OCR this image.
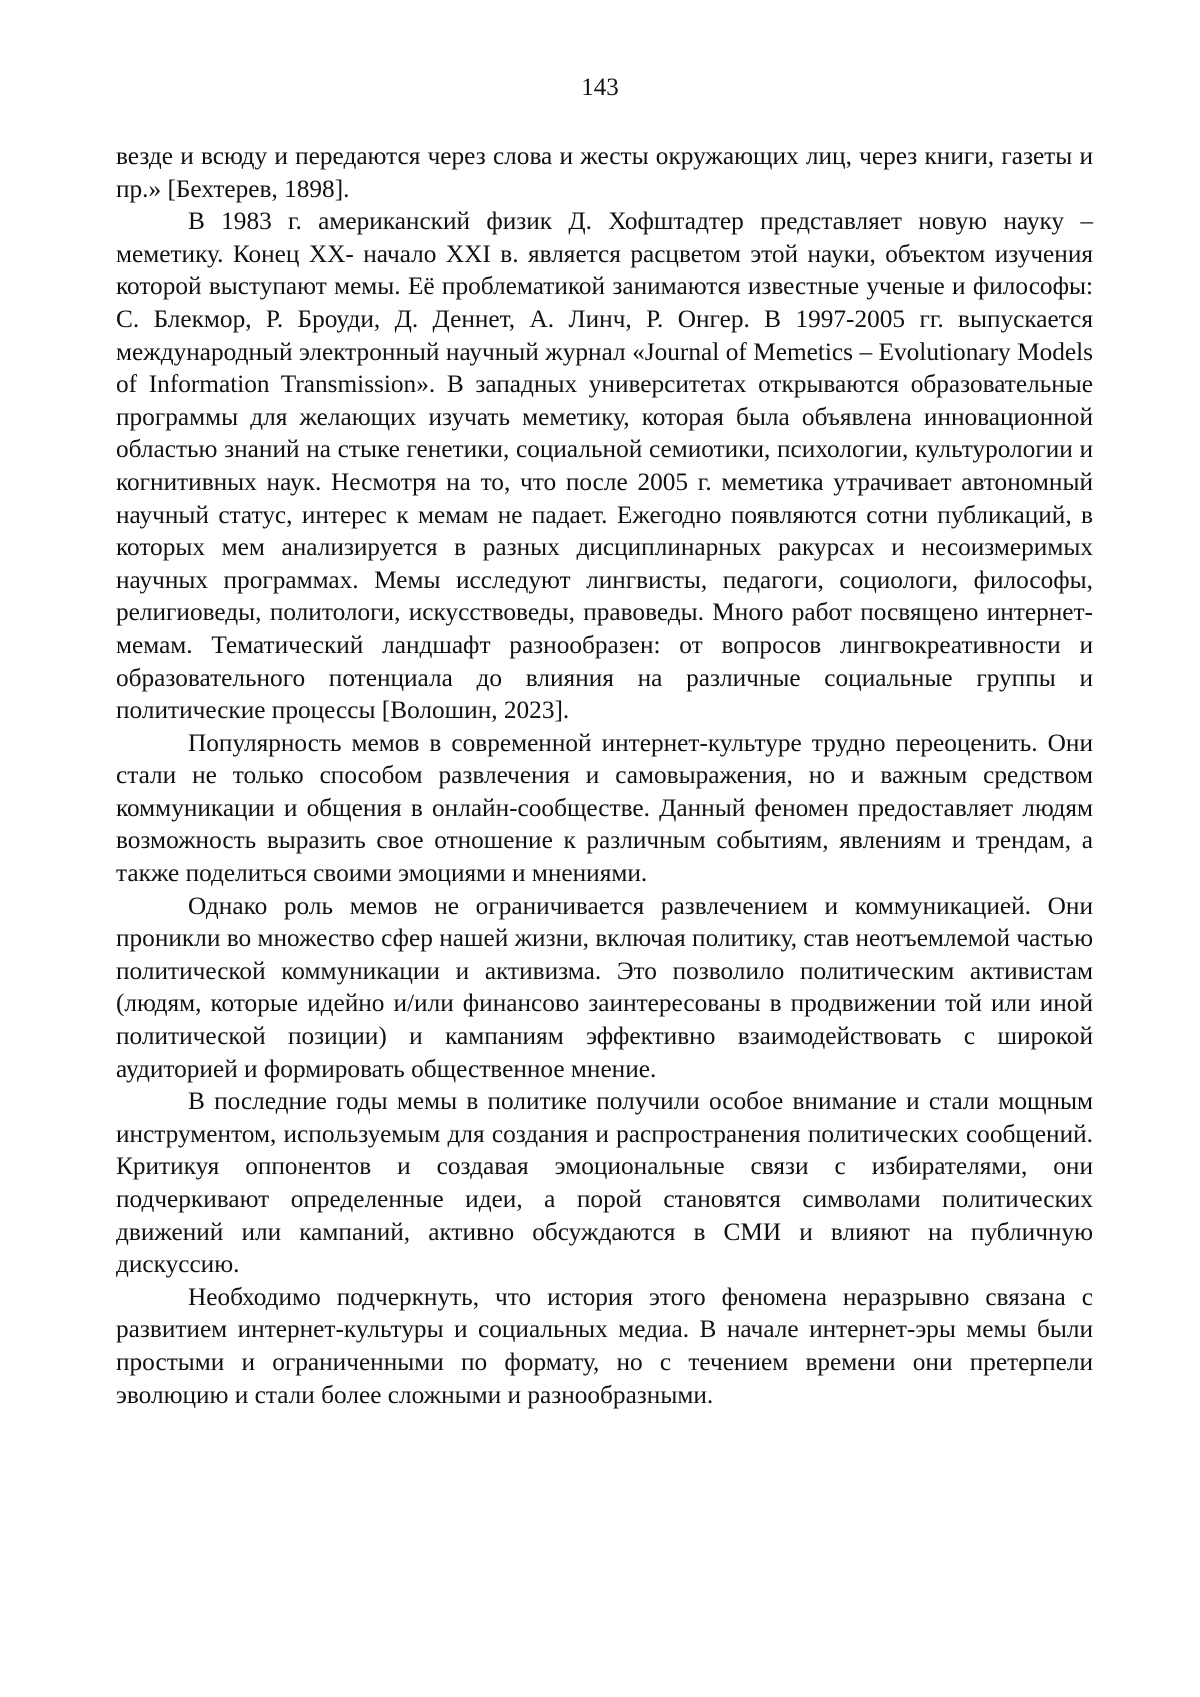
143

везде и всюду и передаются через слова и жесты окружающих лиц, через книги, газеты и пр.» [Бехтерев, 1898].

В 1983 г. американский физик Д. Хофштадтер представляет новую науку – меметику. Конец XX- начало XXI в. является расцветом этой науки, объектом изучения которой выступают мемы. Её проблематикой занимаются известные ученые и философы: С. Блекмор, Р. Броуди, Д. Деннет, А. Линч, Р. Онгер. В 1997-2005 гг. выпускается международный электронный научный журнал «Journal of Memetics – Evolutionary Models of Information Transmission». В западных университетах открываются образовательные программы для желающих изучать меметику, которая была объявлена инновационной областью знаний на стыке генетики, социальной семиотики, психологии, культурологии и когнитивных наук. Несмотря на то, что после 2005 г. меметика утрачивает автономный научный статус, интерес к мемам не падает. Ежегодно появляются сотни публикаций, в которых мем анализируется в разных дисциплинарных ракурсах и несоизмеримых научных программах. Мемы исследуют лингвисты, педагоги, социологи, философы, религиоведы, политологи, искусствоведы, правоведы. Много работ посвящено интернет-мемам. Тематический ландшафт разнообразен: от вопросов лингвокреативности и образовательного потенциала до влияния на различные социальные группы и политические процессы [Волошин, 2023].

Популярность мемов в современной интернет-культуре трудно переоценить. Они стали не только способом развлечения и самовыражения, но и важным средством коммуникации и общения в онлайн-сообществе. Данный феномен предоставляет людям возможность выразить свое отношение к различным событиям, явлениям и трендам, а также поделиться своими эмоциями и мнениями.

Однако роль мемов не ограничивается развлечением и коммуникацией. Они проникли во множество сфер нашей жизни, включая политику, став неотъемлемой частью политической коммуникации и активизма. Это позволило политическим активистам (людям, которые идейно и/или финансово заинтересованы в продвижении той или иной политической позиции) и кампаниям эффективно взаимодействовать с широкой аудиторией и формировать общественное мнение.

В последние годы мемы в политике получили особое внимание и стали мощным инструментом, используемым для создания и распространения политических сообщений. Критикуя оппонентов и создавая эмоциональные связи с избирателями, они подчеркивают определенные идеи, а порой становятся символами политических движений или кампаний, активно обсуждаются в СМИ и влияют на публичную дискуссию.

Необходимо подчеркнуть, что история этого феномена неразрывно связана с развитием интернет-культуры и социальных медиа. В начале интернет-эры мемы были простыми и ограниченными по формату, но с течением времени они претерпели эволюцию и стали более сложными и разнообразными.
